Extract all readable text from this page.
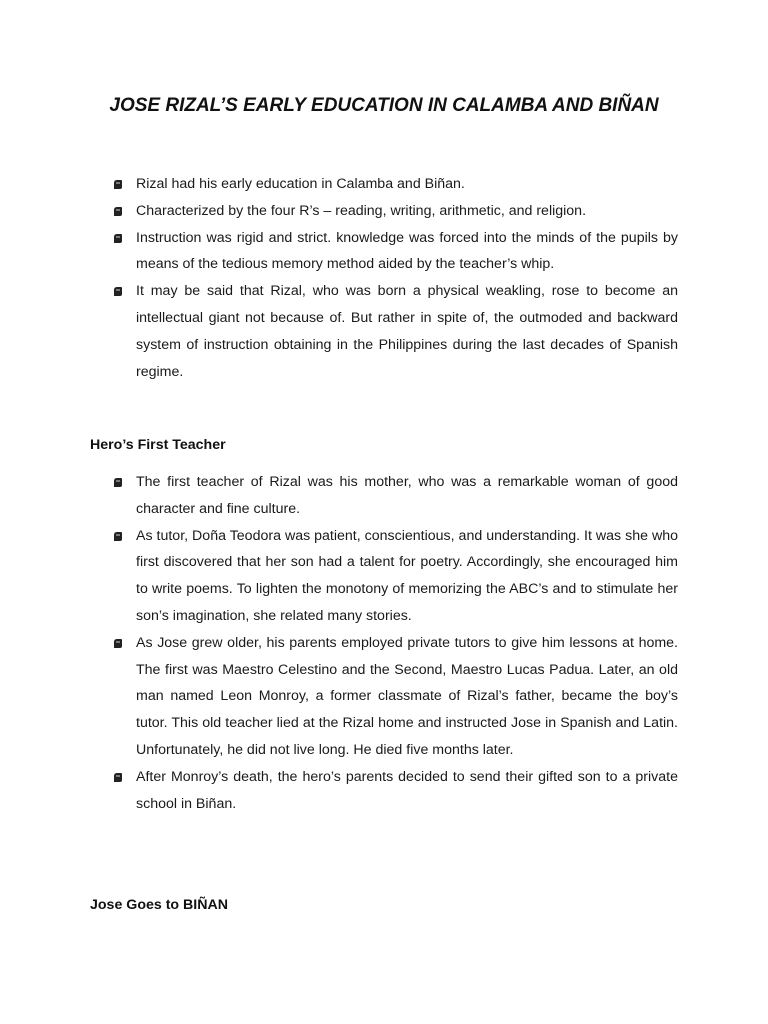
JOSE RIZAL’S EARLY EDUCATION IN CALAMBA AND BIÑAN
Rizal had his early education in Calamba and Biñan.
Characterized by the four R’s – reading, writing, arithmetic, and religion.
Instruction was rigid and strict. knowledge was forced into the minds of the pupils by means of the tedious memory method aided by the teacher’s whip.
It may be said that Rizal, who was born a physical weakling, rose to become an intellectual giant not because of. But rather in spite of, the outmoded and backward system of instruction obtaining in the Philippines during the last decades of Spanish regime.
Hero’s First Teacher
The first teacher of Rizal was his mother, who was a remarkable woman of good character and fine culture.
As tutor, Doña Teodora was patient, conscientious, and understanding. It was she who first discovered that her son had a talent for poetry. Accordingly, she encouraged him to write poems. To lighten the monotony of memorizing the ABC’s and to stimulate her son’s imagination, she related many stories.
As Jose grew older, his parents employed private tutors to give him lessons at home. The first was Maestro Celestino and the Second, Maestro Lucas Padua. Later, an old man named Leon Monroy, a former classmate of Rizal’s father, became the boy’s tutor. This old teacher lied at the Rizal home and instructed Jose in Spanish and Latin. Unfortunately, he did not live long. He died five months later.
After Monroy’s death, the hero’s parents decided to send their gifted son to a private school in Biñan.
Jose Goes to BIÑAN
